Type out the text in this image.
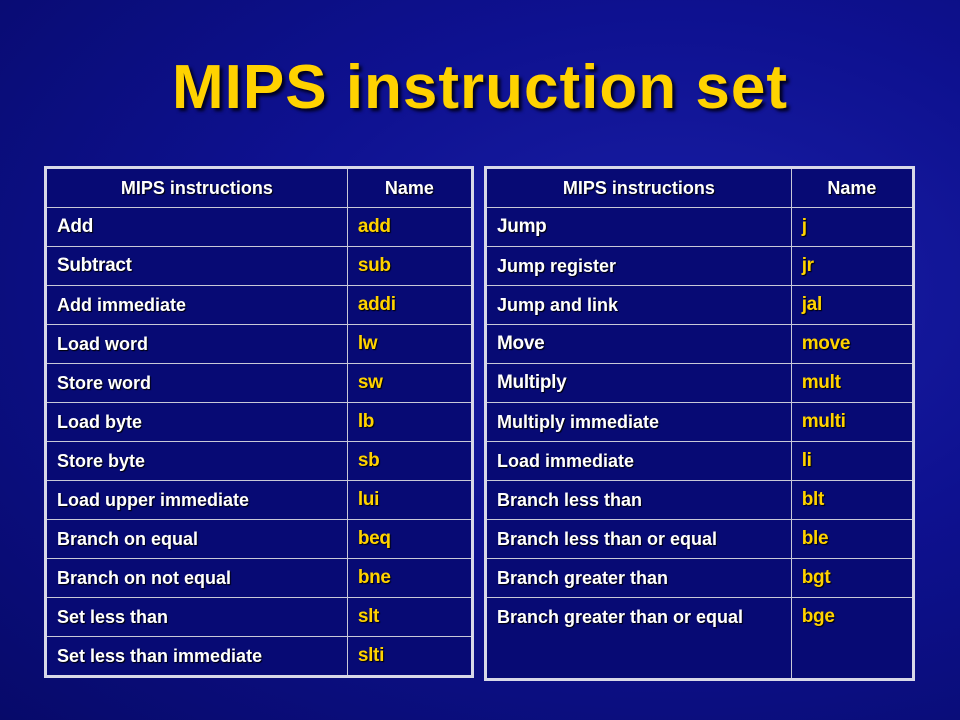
MIPS instruction set
MIPS instructions	Name
Add	add
Subtract	sub
Add immediate	addi
Load word	lw
Store word	sw
Load byte	lb
Store byte	sb
Load upper immediate	lui
Branch on equal	beq
Branch on not equal	bne
Set less than	slt
Set less than immediate	slti
MIPS instructions	Name
Jump	j
Jump register	jr
Jump and link	jal
Move	move
Multiply	mult
Multiply immediate	multi
Load immediate	li
Branch less than	blt
Branch less than or equal	ble
Branch greater than	bgt
Branch greater than or equal	bge
